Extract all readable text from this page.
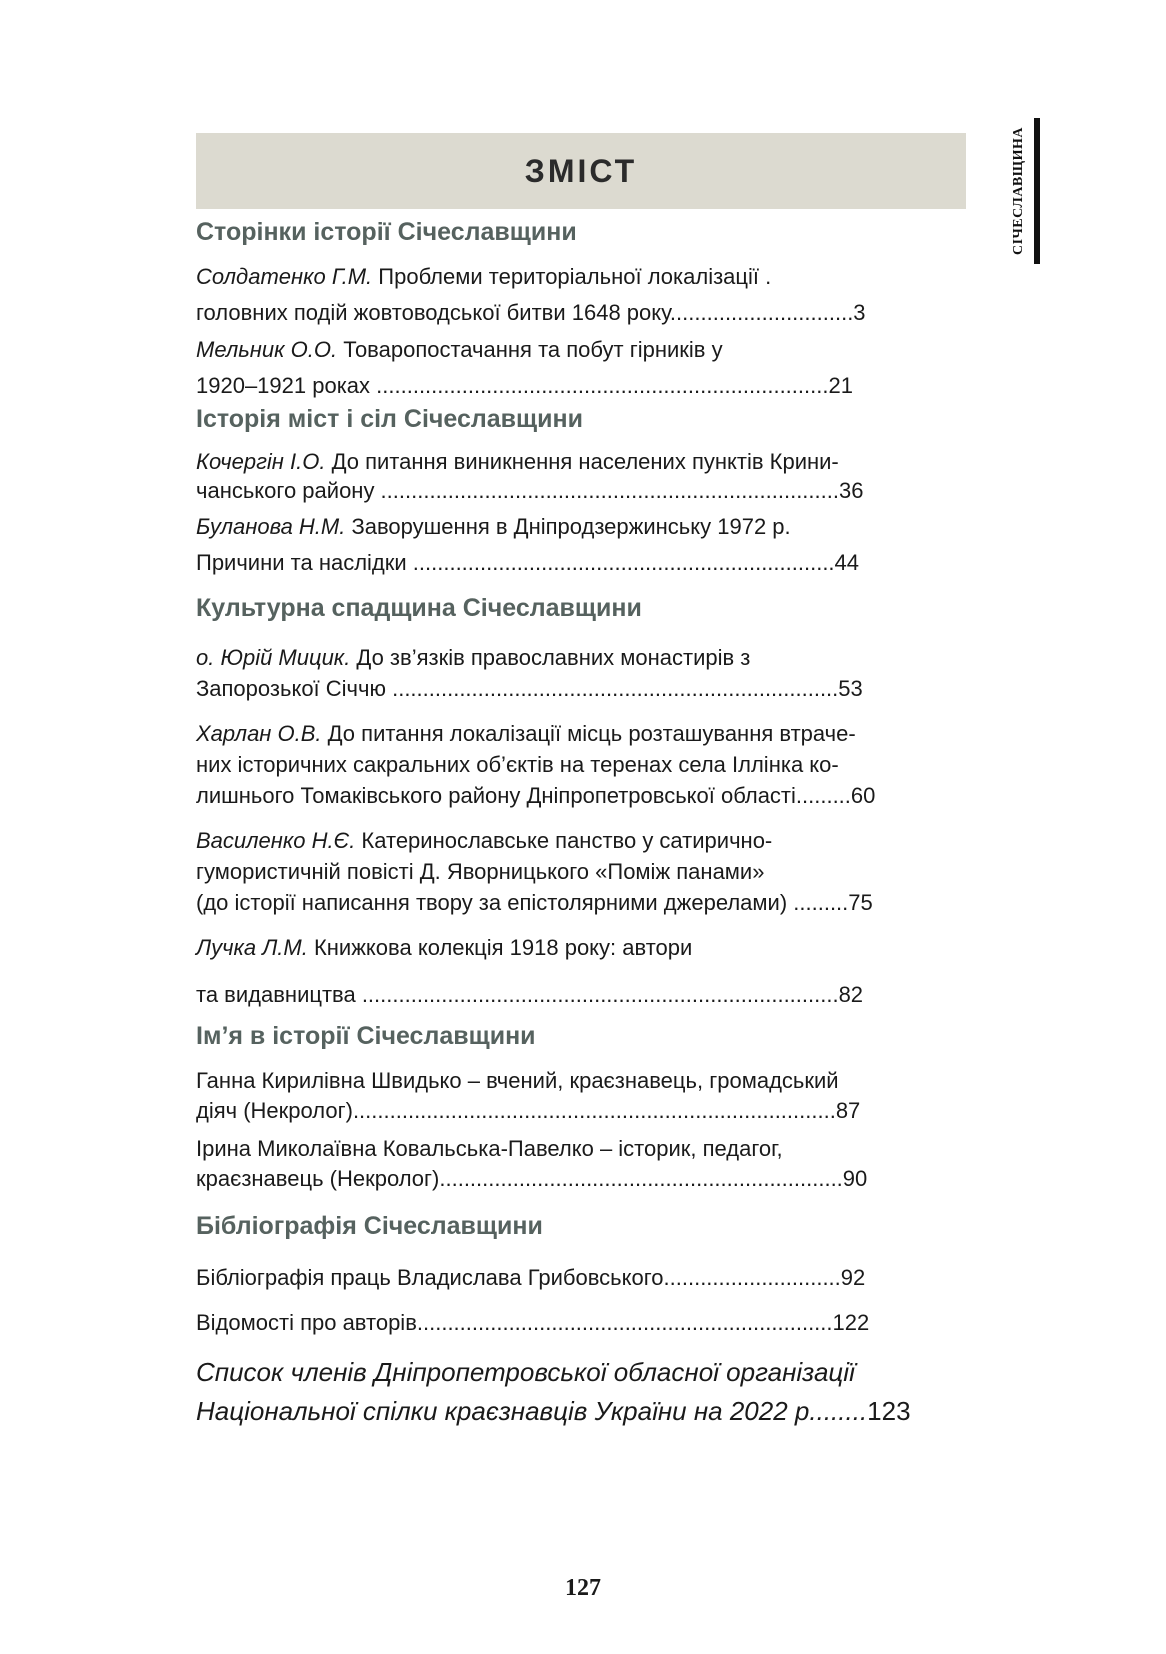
ЗМІСТ	СІЧЕСЛАВЩИНА
Сторінки історії Січеславщини
Солдатенко Г.М. Проблеми територіальної локалізації .
головних подій жовтоводської битви 1648 року..............................3
Мельник О.О. Товаропостачання та побут гірників у
1920–1921 роках ..........................................................................21
Історія міст і сіл Січеславщини
Кочергін І.О. До питання виникнення населених пунктів Крини-
чанського району ...........................................................................36
Буланова Н.М. Заворушення в Дніпродзержинську 1972 р.
Причини та наслідки .....................................................................44
Культурна спадщина Січеславщини
о. Юрій Мицик. До зв’язків православних монастирів з
Запорозької Січчю .........................................................................53
Харлан О.В. До питання локалізації місць розташування втраче-
них історичних сакральних об’єктів на теренах села Іллінка ко-
лишнього Томаківського району Дніпропетровської області.........60
Василенко Н.Є. Катеринославське панство у сатирично-
гумористичній повісті Д. Яворницького «Поміж панами»
(до історії написання твору за епістолярними джерелами) .........75
Лучка Л.М. Книжкова колекція 1918 року: автори
та видавництва ..............................................................................82
Ім’я в історії Січеславщини
Ганна Кирилівна Швидько – вчений, краєзнавець, громадський
діяч (Некролог)...............................................................................87
Ірина Миколаївна Ковальська-Павелко – історик, педагог,
краєзнавець (Некролог)..................................................................90
Бібліографія Січеславщини
Бібліографія праць Владислава Грибовського.............................92
Відомості про авторів....................................................................122
Список членів Дніпропетровської обласної організації
Національної спілки краєзнавців України на 2022 р........123
127
